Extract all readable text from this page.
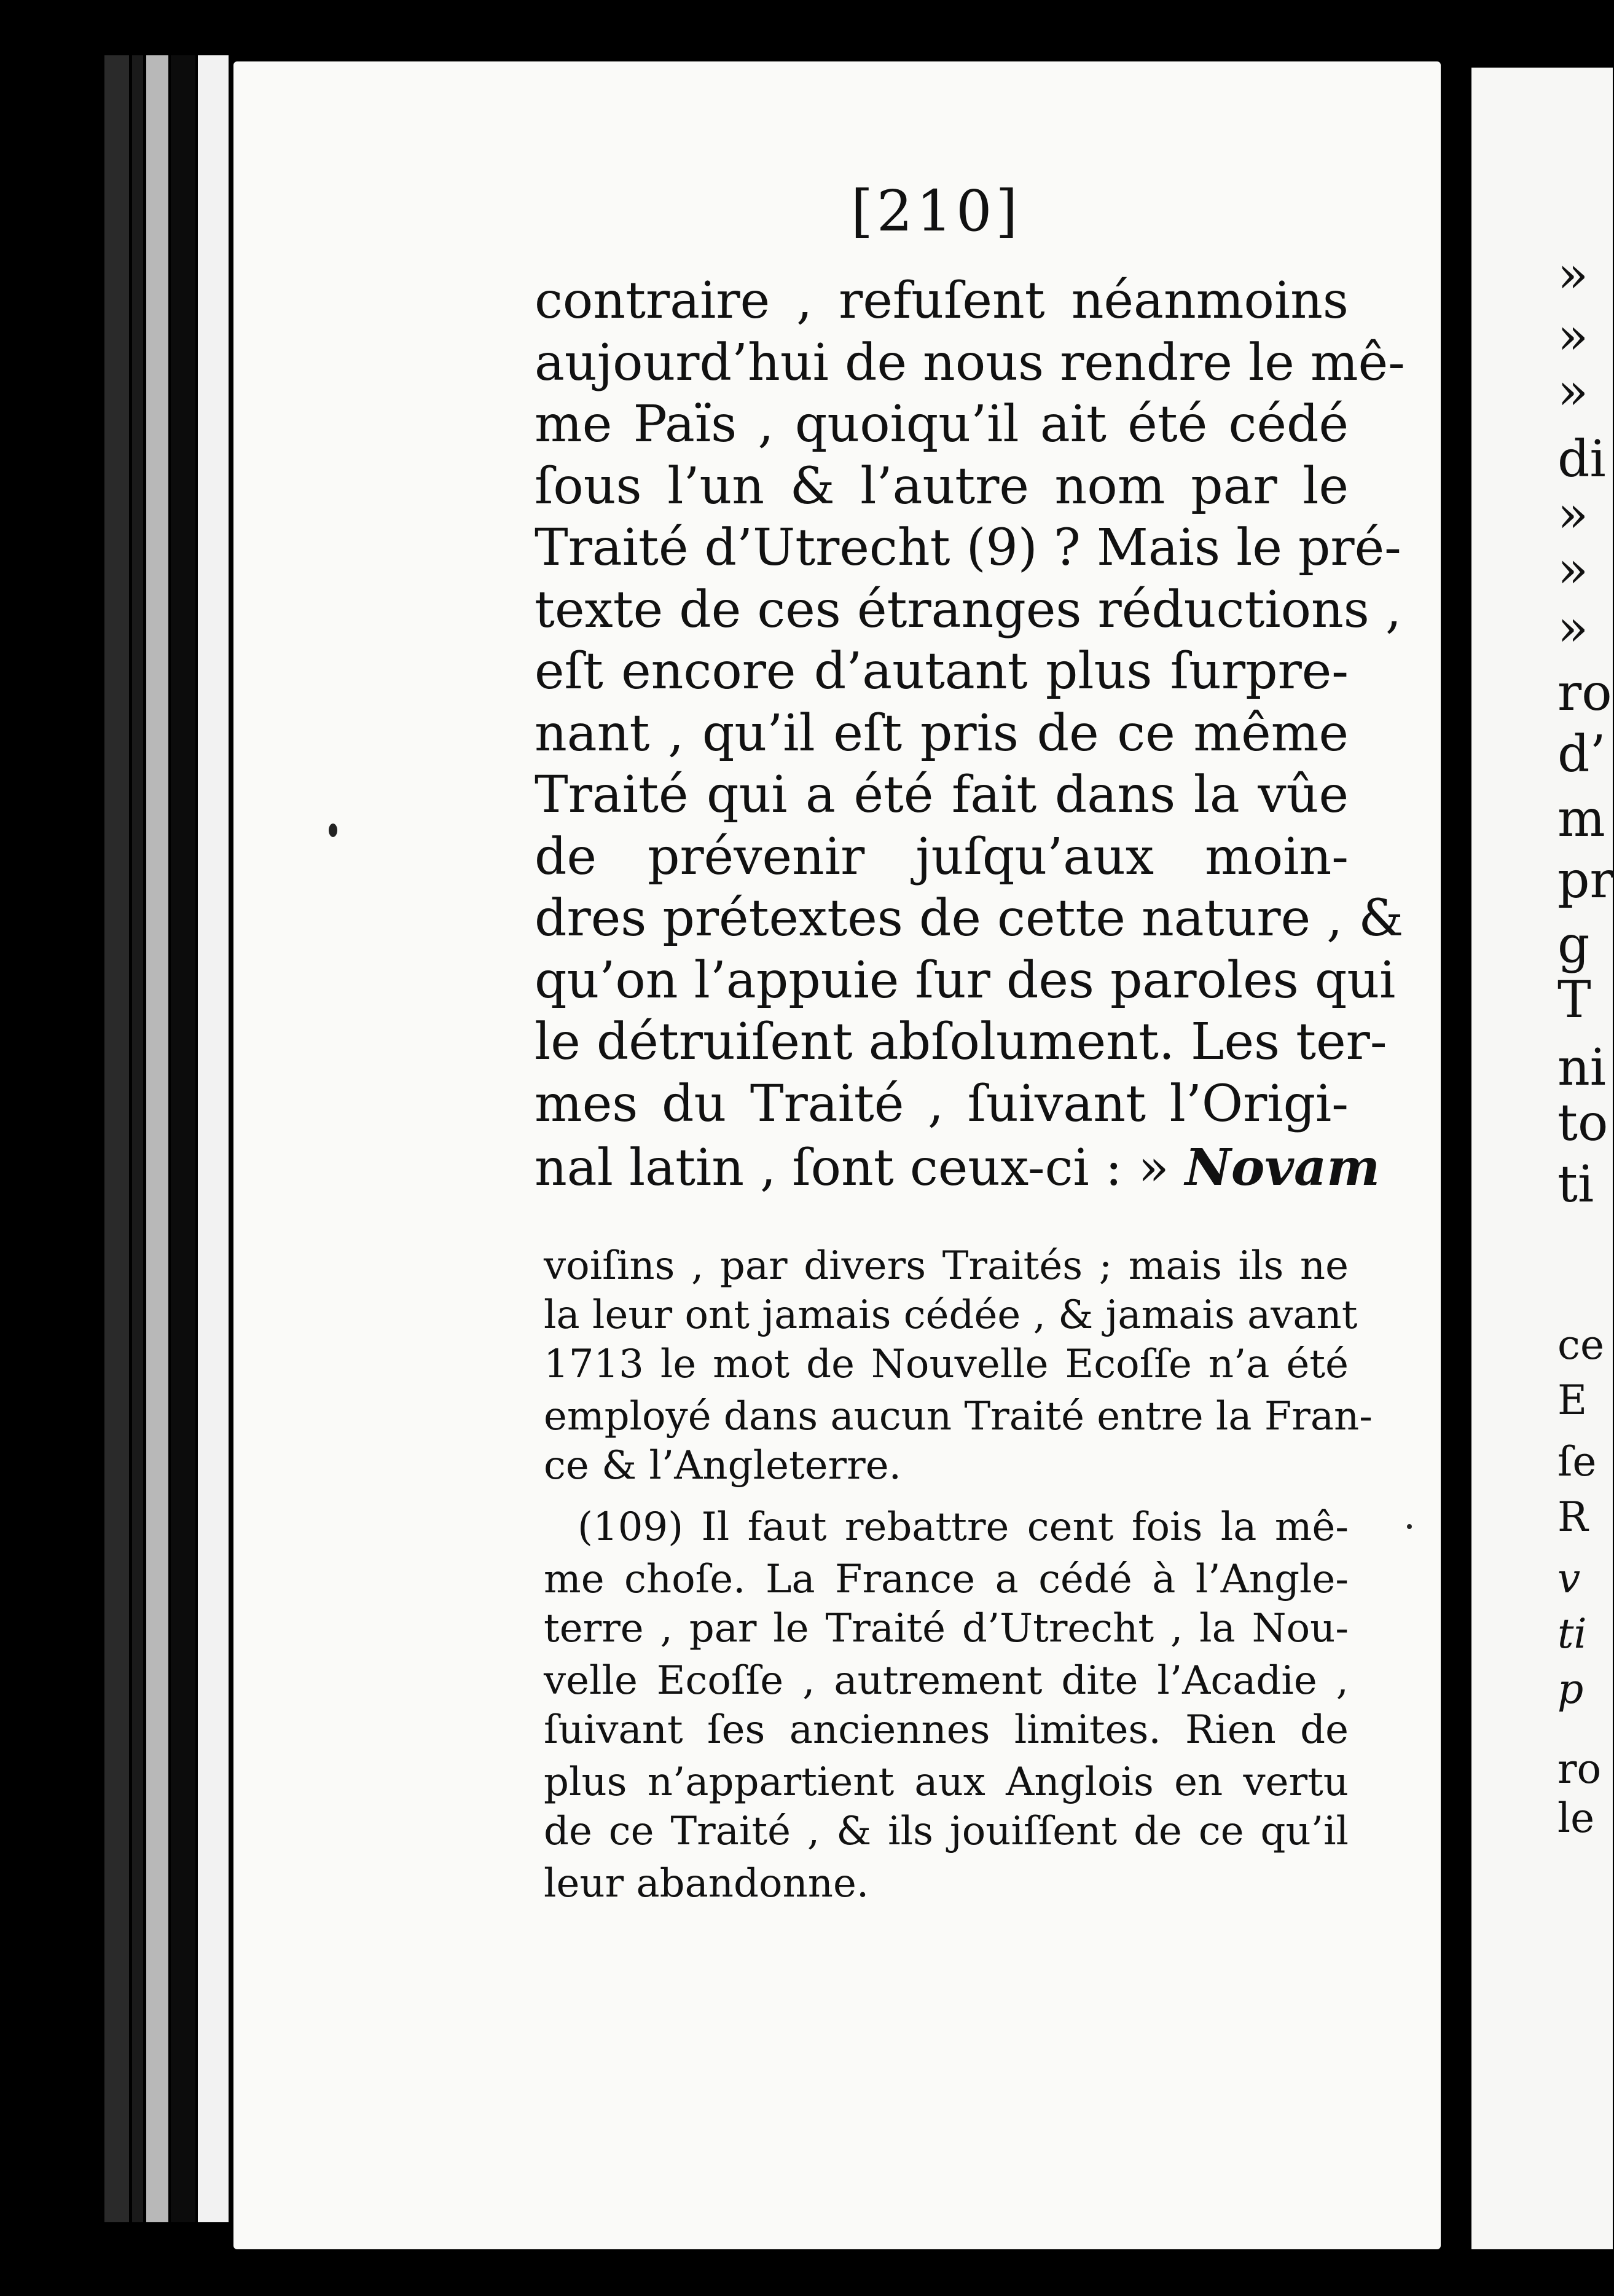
»
»
»
di
»
»
»
ro
d’
m
pr
g
T
ni
to
ti
ce
E
ſe
R
v
ti
p
ro
le
[210]
contraire , refuſent néanmoins
aujourd’hui de nous rendre le mê-
me Païs , quoiqu’il ait été cédé
ſous l’un & l’autre nom par le
Traité d’Utrecht (9) ? Mais le pré-
texte de ces étranges réductions ,
eſt encore d’autant plus ſurpre-
nant , qu’il eſt pris de ce même
Traité qui a été fait dans la vûe
de prévenir juſqu’aux moin-
dres prétextes de cette nature , &
qu’on l’appuie ſur des paroles qui
le détruiſent abſolument. Les ter-
mes du Traité , ſuivant l’Origi-
nal latin , ſont ceux-ci : » Novam
voiſins , par divers Traités ; mais ils ne
la leur ont jamais cédée , & jamais avant
1713 le mot de Nouvelle Ecoſſe n’a été
employé dans aucun Traité entre la Fran-
ce & l’Angleterre.
(109) Il faut rebattre cent fois la mê-
me choſe. La France a cédé à l’Angle-
terre , par le Traité d’Utrecht , la Nou-
velle Ecoſſe , autrement dite l’Acadie ,
ſuivant ſes anciennes limites. Rien de
plus n’appartient aux Anglois en vertu
de ce Traité , & ils jouiſſent de ce qu’il
leur abandonne.
